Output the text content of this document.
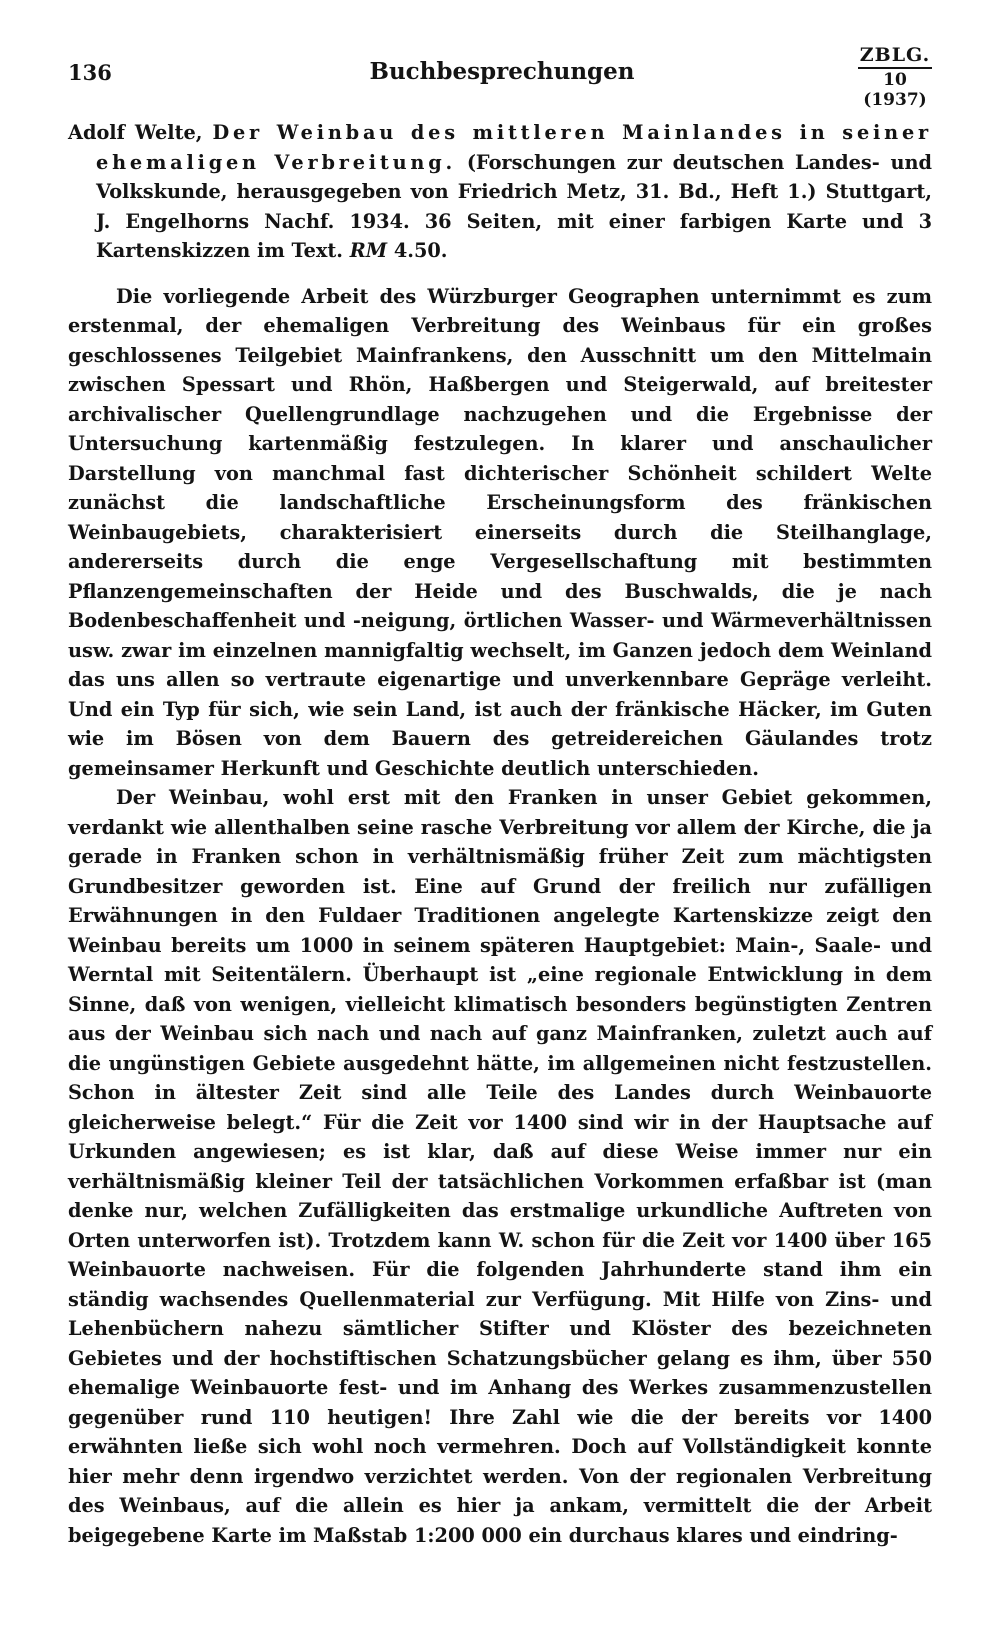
136	Buchbesprechungen
ZBLG.
10 (1937)

Adolf Welte, Der Weinbau des mittleren Mainlandes in seiner ehemaligen Verbreitung. (Forschungen zur deutschen Landes- und Volkskunde, herausgegeben von Friedrich Metz, 31. Bd., Heft 1.) Stuttgart, J. Engelhorns Nachf. 1934. 36 Seiten, mit einer farbigen Karte und 3 Kartenskizzen im Text. RM 4.50.

Die vorliegende Arbeit des Würzburger Geographen unternimmt es zum erstenmal, der ehemaligen Verbreitung des Weinbaus für ein großes geschlossenes Teilgebiet Mainfrankens, den Ausschnitt um den Mittelmain zwischen Spessart und Rhön, Haßbergen und Steigerwald, auf breitester archivalischer Quellengrundlage nachzugehen und die Ergebnisse der Untersuchung kartenmäßig festzulegen. In klarer und anschaulicher Darstellung von manchmal fast dichterischer Schönheit schildert Welte zunächst die landschaftliche Erscheinungsform des fränkischen Weinbaugebiets, charakterisiert einerseits durch die Steilhanglage, andererseits durch die enge Vergesellschaftung mit bestimmten Pflanzengemeinschaften der Heide und des Buschwalds, die je nach Bodenbeschaffenheit und -neigung, örtlichen Wasser- und Wärmeverhältnissen usw. zwar im einzelnen mannigfaltig wechselt, im Ganzen jedoch dem Weinland das uns allen so vertraute eigenartige und unverkennbare Gepräge verleiht. Und ein Typ für sich, wie sein Land, ist auch der fränkische Häcker, im Guten wie im Bösen von dem Bauern des getreidereichen Gäulandes trotz gemeinsamer Herkunft und Geschichte deutlich unterschieden.

Der Weinbau, wohl erst mit den Franken in unser Gebiet gekommen, verdankt wie allenthalben seine rasche Verbreitung vor allem der Kirche, die ja gerade in Franken schon in verhältnismäßig früher Zeit zum mächtigsten Grundbesitzer geworden ist. Eine auf Grund der freilich nur zufälligen Erwähnungen in den Fuldaer Traditionen angelegte Kartenskizze zeigt den Weinbau bereits um 1000 in seinem späteren Hauptgebiet: Main-, Saale- und Werntal mit Seitentälern. Überhaupt ist „eine regionale Entwicklung in dem Sinne, daß von wenigen, vielleicht klimatisch besonders begünstigten Zentren aus der Weinbau sich nach und nach auf ganz Mainfranken, zuletzt auch auf die ungünstigen Gebiete ausgedehnt hätte, im allgemeinen nicht festzustellen. Schon in ältester Zeit sind alle Teile des Landes durch Weinbauorte gleicherweise belegt.“ Für die Zeit vor 1400 sind wir in der Hauptsache auf Urkunden angewiesen; es ist klar, daß auf diese Weise immer nur ein verhältnismäßig kleiner Teil der tatsächlichen Vorkommen erfaßbar ist (man denke nur, welchen Zufälligkeiten das erstmalige urkundliche Auftreten von Orten unterworfen ist). Trotzdem kann W. schon für die Zeit vor 1400 über 165 Weinbauorte nachweisen. Für die folgenden Jahrhunderte stand ihm ein ständig wachsendes Quellenmaterial zur Verfügung. Mit Hilfe von Zins- und Lehenbüchern nahezu sämtlicher Stifter und Klöster des bezeichneten Gebietes und der hochstiftischen Schatzungsbücher gelang es ihm, über 550 ehemalige Weinbauorte fest- und im Anhang des Werkes zusammenzustellen gegenüber rund 110 heutigen! Ihre Zahl wie die der bereits vor 1400 erwähnten ließe sich wohl noch vermehren. Doch auf Vollständigkeit konnte hier mehr denn irgendwo verzichtet werden. Von der regionalen Verbreitung des Weinbaus, auf die allein es hier ja ankam, vermittelt die der Arbeit beigegebene Karte im Maßstab 1:200 000 ein durchaus klares und eindring-
